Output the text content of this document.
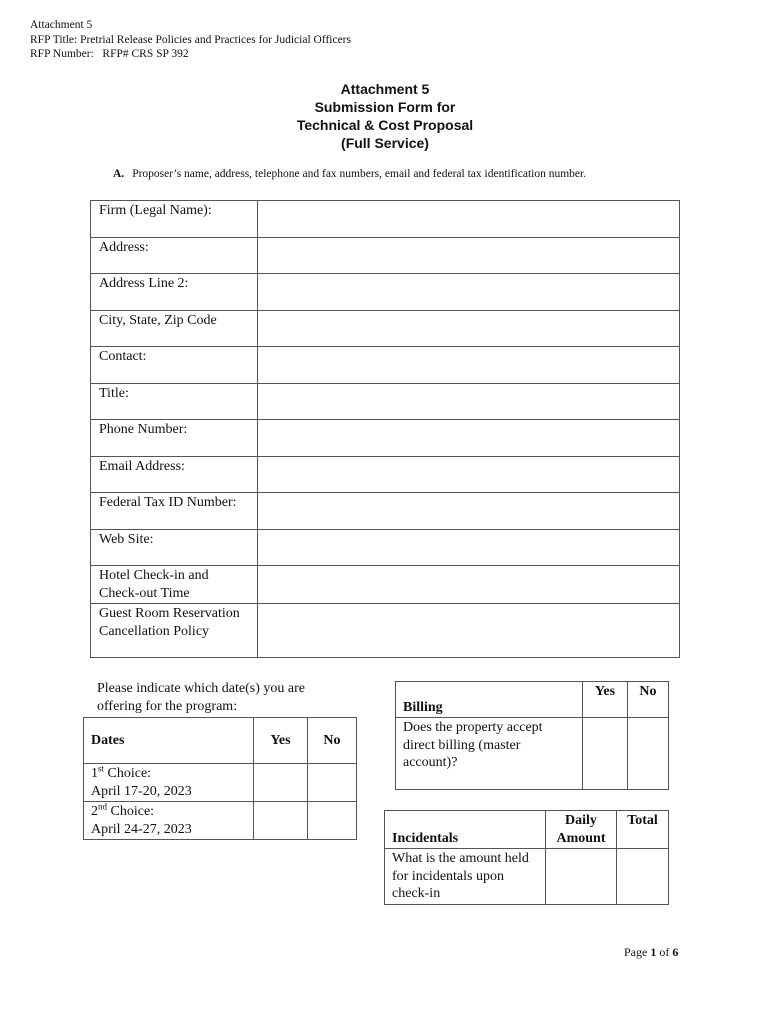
Attachment 5
RFP Title: Pretrial Release Policies and Practices for Judicial Officers
RFP Number:   RFP# CRS SP 392
Attachment 5
Submission Form for
Technical & Cost Proposal
(Full Service)
A. Proposer’s name, address, telephone and fax numbers, email and federal tax identification number.
Firm (Legal Name):	
Address:	
Address Line 2:	
City, State, Zip Code	
Contact:	
Title:	
Phone Number:	
Email Address:	
Federal Tax ID Number:	
Web Site:	
Hotel Check-in and Check-out Time	
Guest Room Reservation Cancellation Policy	
Please indicate which date(s) you are offering for the program:
Dates	Yes	No
1st Choice:
April 17-20, 2023		
2nd Choice:
April 24-27, 2023		
Billing	Yes	No
Does the property accept direct billing (master account)?		
Incidentals	Daily Amount	Total
What is the amount held for incidentals upon check-in		
Page 1 of 6
